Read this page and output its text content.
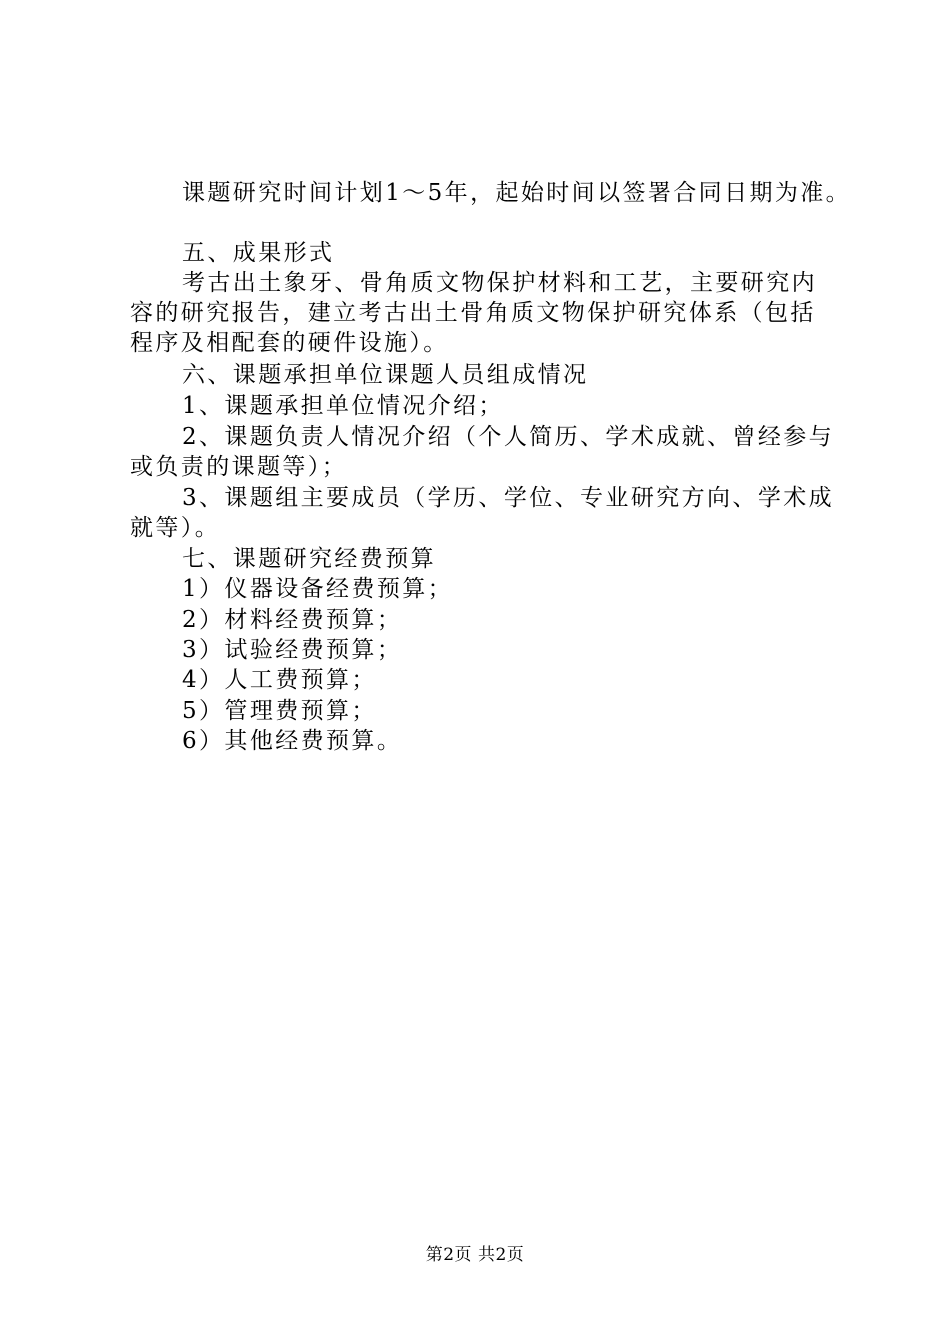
课题研究时间计划1～5年，起始时间以签署合同日期为准。
五、成果形式
考古出土象牙、骨角质文物保护材料和工艺，主要研究内
容的研究报告，建立考古出土骨角质文物保护研究体系（包括
程序及相配套的硬件设施）。
六、课题承担单位课题人员组成情况
1、课题承担单位情况介绍；
2、课题负责人情况介绍（个人简历、学术成就、曾经参与
或负责的课题等）；
3、课题组主要成员（学历、学位、专业研究方向、学术成
就等）。
七、课题研究经费预算
1）仪器设备经费预算；
2）材料经费预算；
3）试验经费预算；
4）人工费预算；
5）管理费预算；
6）其他经费预算。
第2页 共2页
